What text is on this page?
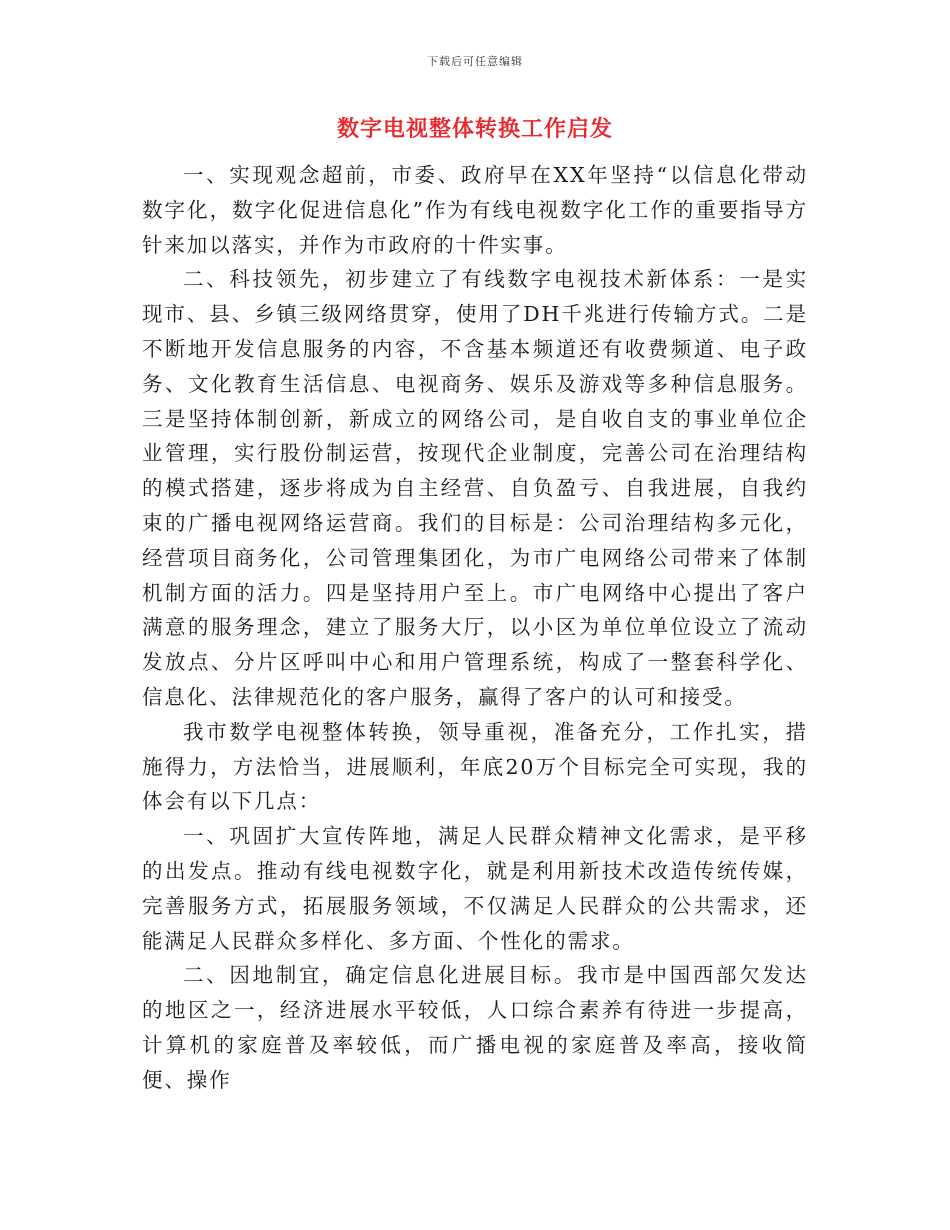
下载后可任意编辑
数字电视整体转换工作启发

一、实现观念超前，市委、政府早在XX年坚持“以信息化带动数字化，数字化促进信息化”作为有线电视数字化工作的重要指导方针来加以落实，并作为市政府的十件实事。

二、科技领先，初步建立了有线数字电视技术新体系：一是实现市、县、乡镇三级网络贯穿，使用了DH千兆进行传输方式。二是不断地开发信息服务的内容，不含基本频道还有收费频道、电子政务、文化教育生活信息、电视商务、娱乐及游戏等多种信息服务。三是坚持体制创新，新成立的网络公司，是自收自支的事业单位企业管理，实行股份制运营，按现代企业制度，完善公司在治理结构的模式搭建，逐步将成为自主经营、自负盈亏、自我进展，自我约束的广播电视网络运营商。我们的目标是：公司治理结构多元化，经营项目商务化，公司管理集团化，为市广电网络公司带来了体制机制方面的活力。四是坚持用户至上。市广电网络中心提出了客户满意的服务理念，建立了服务大厅，以小区为单位单位设立了流动发放点、分片区呼叫中心和用户管理系统，构成了一整套科学化、信息化、法律规范化的客户服务，赢得了客户的认可和接受。

我市数学电视整体转换，领导重视，准备充分，工作扎实，措施得力，方法恰当，进展顺利，年底20万个目标完全可实现，我的体会有以下几点：

一、巩固扩大宣传阵地，满足人民群众精神文化需求，是平移的出发点。推动有线电视数字化，就是利用新技术改造传统传媒，完善服务方式，拓展服务领域，不仅满足人民群众的公共需求，还能满足人民群众多样化、多方面、个性化的需求。

二、因地制宜，确定信息化进展目标。我市是中国西部欠发达的地区之一，经济进展水平较低，人口综合素养有待进一步提高，计算机的家庭普及率较低，而广播电视的家庭普及率高，接收简便、操作
